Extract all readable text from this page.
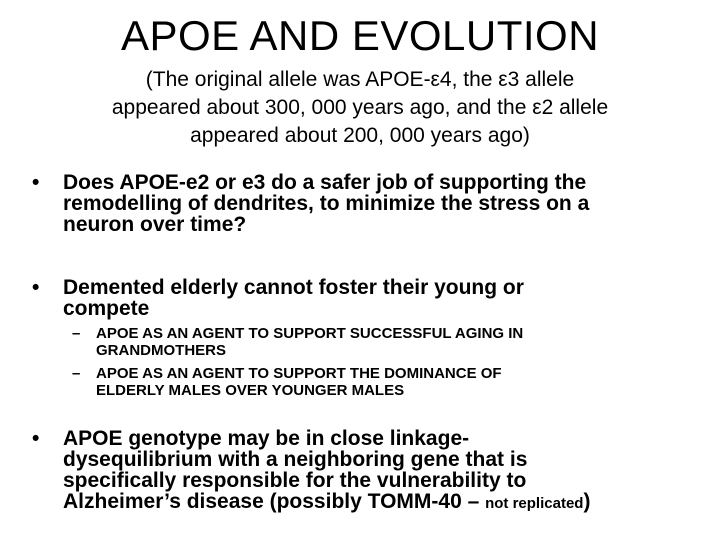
APOE AND EVOLUTION

(The original allele was APOE-ε4, the ε3 allele
appeared about 300, 000 years ago, and the ε2 allele
appeared about 200, 000 years ago)

• Does APOE-e2 or e3 do a safer job of supporting the
remodelling of dendrites, to minimize the stress on a
neuron over time?
• Demented elderly cannot foster their young or
compete
– APOE AS AN AGENT TO SUPPORT SUCCESSFUL AGING IN
GRANDMOTHERS
– APOE AS AN AGENT TO SUPPORT THE DOMINANCE OF
ELDERLY MALES OVER YOUNGER MALES
• APOE genotype may be in close linkage-
dysequilibrium with a neighboring gene that is
specifically responsible for the vulnerability to
Alzheimer’s disease (possibly TOMM-40 – not replicated)
